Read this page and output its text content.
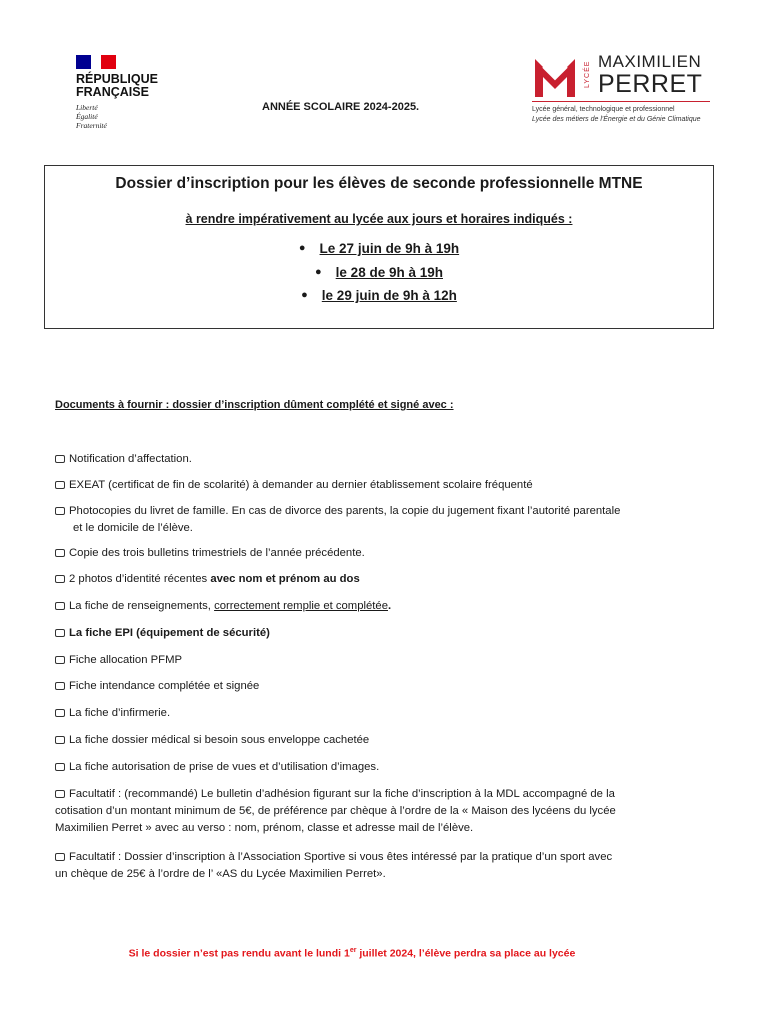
RÉPUBLIQUE
FRANÇAISE
Liberté
Égalité
Fraternité
ANNÉE SCOLAIRE 2024-2025.
LYCÉE MAXIMILIEN
PERRET
Lycée général, technologique et professionnel
Lycée des métiers de l'Énergie et du Génie Climatique
Dossier d’inscription pour les élèves de seconde professionnelle MTNE
à rendre impérativement au lycée aux jours et horaires indiqués :
● Le 27 juin de 9h à 19h
● le 28 de 9h à 19h
● le 29 juin de 9h à 12h
Documents à fournir : dossier d’inscription dûment complété et signé avec :
Notification d’affectation.
EXEAT (certificat de fin de scolarité) à demander au dernier établissement scolaire fréquenté
Photocopies du livret de famille. En cas de divorce des parents, la copie du jugement fixant l’autorité parentale
et le domicile de l’élève.
Copie des trois bulletins trimestriels de l’année précédente.
2 photos d’identité récentes avec nom et prénom au dos
La fiche de renseignements, correctement remplie et complétée.
La fiche EPI (équipement de sécurité)
Fiche allocation PFMP
Fiche intendance complétée et signée
La fiche d’infirmerie.
La fiche dossier médical si besoin sous enveloppe cachetée
La fiche autorisation de prise de vues et d’utilisation d’images.
Facultatif : (recommandé) Le bulletin d’adhésion figurant sur la fiche d’inscription à la MDL accompagné de la
cotisation d’un montant minimum de 5€, de préférence par chèque à l’ordre de la « Maison des lycéens du lycée
Maximilien Perret » avec au verso : nom, prénom, classe et adresse mail de l’élève.
Facultatif : Dossier d’inscription à l’Association Sportive si vous êtes intéressé par la pratique d’un sport avec
un chèque de 25€ à l’ordre de l’ «AS du Lycée Maximilien Perret».
Si le dossier n’est pas rendu avant le lundi 1er juillet 2024, l’élève perdra sa place au lycée
